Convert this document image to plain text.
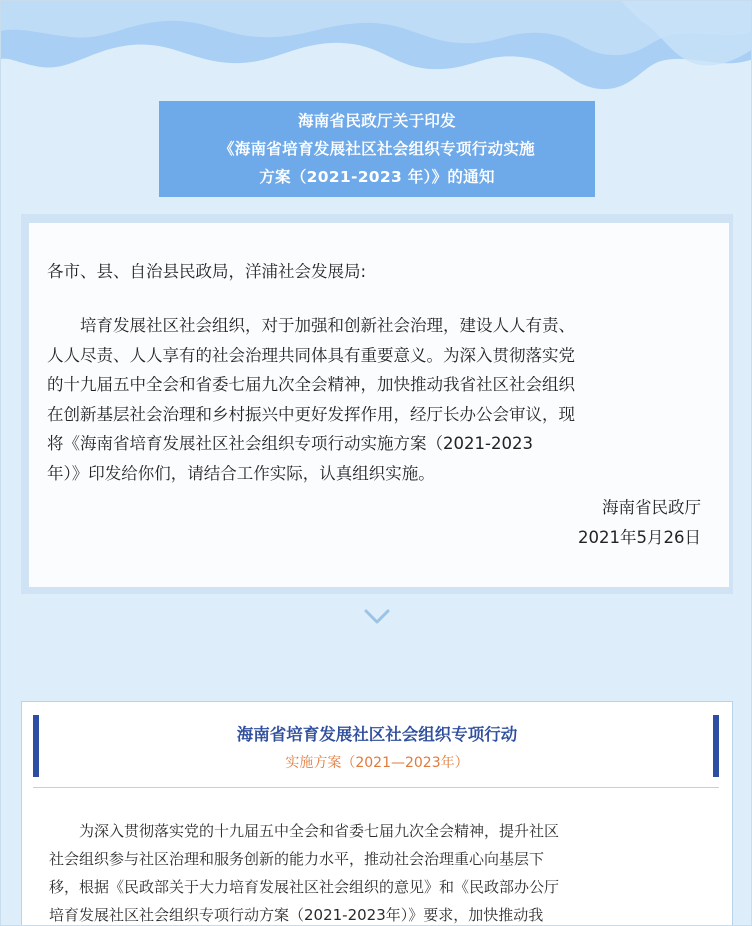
海南省民政厅关于印发
《海南省培育发展社区社会组织专项行动实施
方案（2021-2023 年）》的通知
各市、县、自治县民政局，洋浦社会发展局:
　　培育发展社区社会组织，对于加强和创新社会治理，建设人人有责、
人人尽责、人人享有的社会治理共同体具有重要意义。为深入贯彻落实党
的十九届五中全会和省委七届九次全会精神，加快推动我省社区社会组织
在创新基层社会治理和乡村振兴中更好发挥作用，经厅长办公会审议，现
将《海南省培育发展社区社会组织专项行动实施方案（2021-2023
年）》印发给你们，请结合工作实际，认真组织实施。
海南省民政厅
2021年5月26日
海南省培育发展社区社会组织专项行动
实施方案（2021—2023年）
　　为深入贯彻落实党的十九届五中全会和省委七届九次全会精神，提升社区
社会组织参与社区治理和服务创新的能力水平，推动社会治理重心向基层下
移，根据《民政部关于大力培育发展社区社会组织的意见》和《民政部办公厅
培育发展社区社会组织专项行动方案（2021-2023年）》要求，加快推动我
